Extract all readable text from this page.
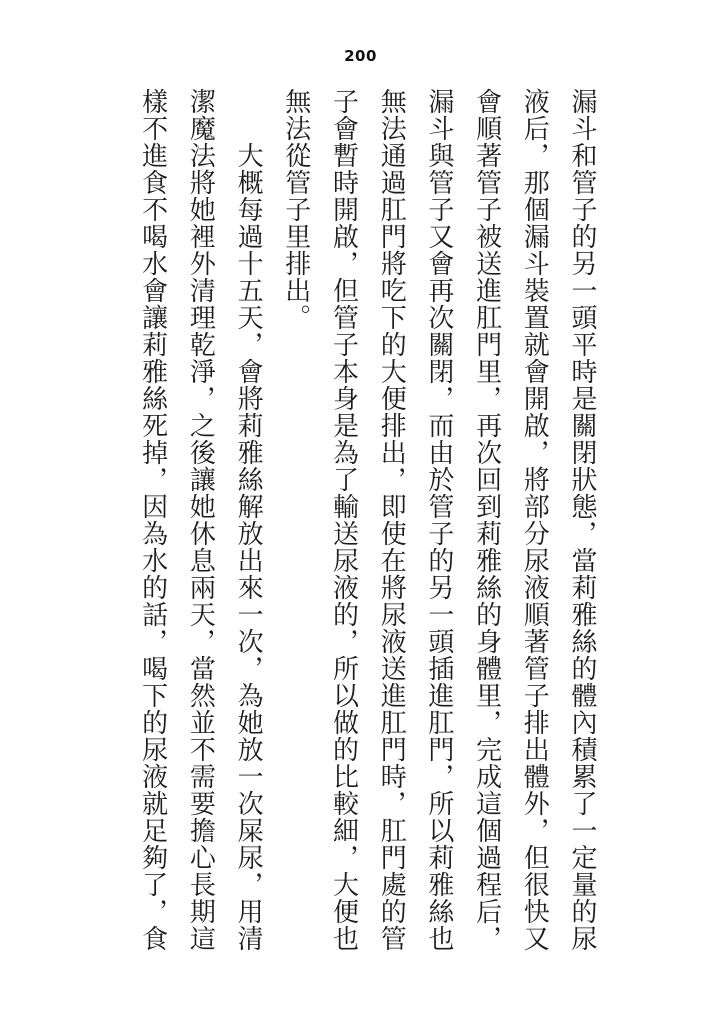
200

漏斗和管子的另一頭平時是關閉狀態，當莉雅絲的體內積累了一定量的尿液后，那個漏斗裝置就會開啟，將部分尿液順著管子排出體外，但很快又會順著管子被送進肛門里，再次回到莉雅絲的身體里，完成這個過程后，漏斗與管子又會再次關閉，而由於管子的另一頭插進肛門，所以莉雅絲也無法通過肛門將吃下的大便排出，即使在將尿液送進肛門時，肛門處的管子會暫時開啟，但管子本身是為了輸送尿液的，所以做的比較細，大便也無法從管子里排出。

大概每過十五天，會將莉雅絲解放出來一次，為她放一次屎尿，用清潔魔法將她裡外清理乾淨，之後讓她休息兩天，當然並不需要擔心長期這樣不進食不喝水會讓莉雅絲死掉，因為水的話，喝下的尿液就足夠了，食
